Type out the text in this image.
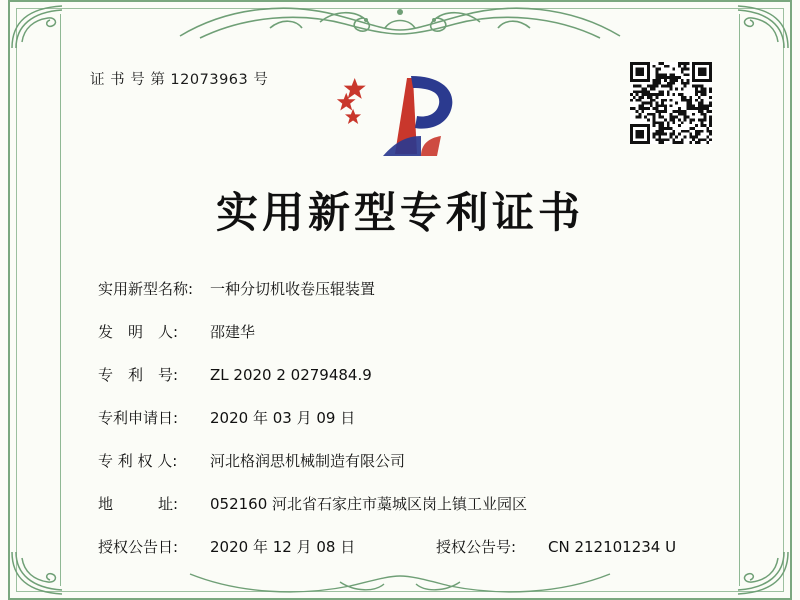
证 书 号 第 12073963 号
实用新型专利证书
实用新型名称:	一种分切机收卷压辊装置
发　明　人:	邵建华
专　利　号:	ZL 2020 2 0279484.9
专利申请日:	2020 年 03 月 09 日
专 利 权 人:	河北格润思机械制造有限公司
地　　　址:	052160 河北省石家庄市藁城区岗上镇工业园区
授权公告日:	2020 年 12 月 08 日	授权公告号:	CN 212101234 U
